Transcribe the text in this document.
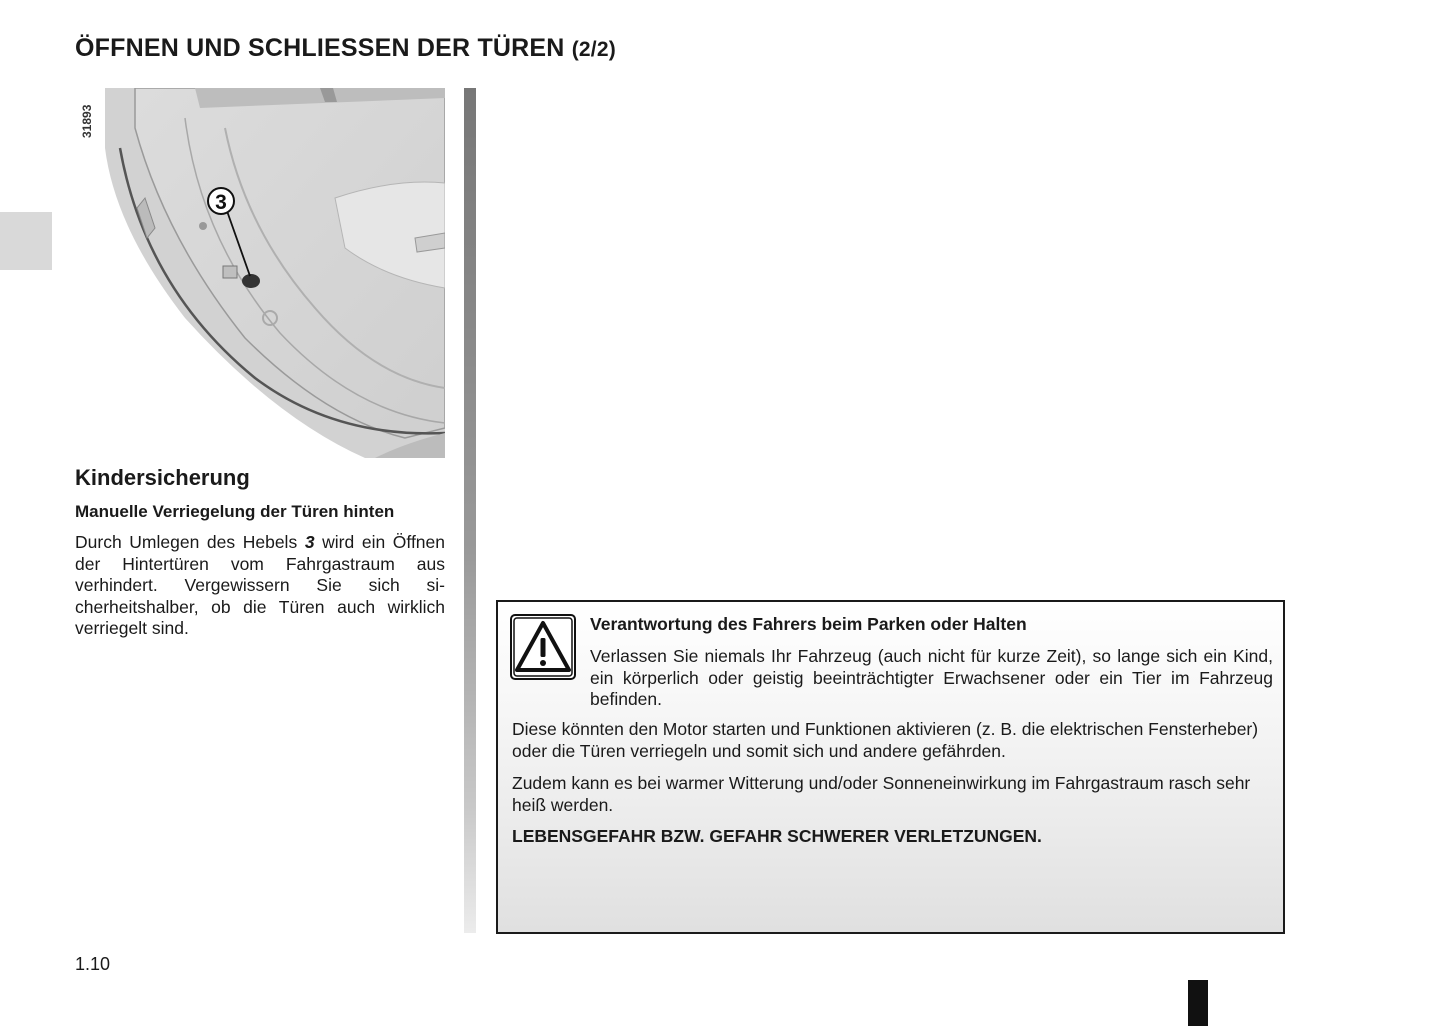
ÖFFNEN UND SCHLIESSEN DER TÜREN (2/2)
3
31893
Kindersicherung
Manuelle Verriegelung der Türen hinten

Durch Umlegen des Hebels 3 wird ein Öffnen der Hintertüren vom Fahrgastraum aus verhindert. Vergewissern Sie sich sicherheitshalber, ob die Türen auch wirklich verriegelt sind.	Verantwortung des Fahrers beim Parken oder Halten

Verlassen Sie niemals Ihr Fahrzeug (auch nicht für kurze Zeit), so lange sich ein Kind, ein körperlich oder geistig beeinträchtigter Erwachsener oder ein Tier im Fahrzeug befinden.

Diese könnten den Motor starten und Funktionen aktivieren (z. B. die elektrischen Fensterheber) oder die Türen verriegeln und somit sich und andere gefährden.

Zudem kann es bei warmer Witterung und/oder Sonneneinwirkung im Fahrgastraum rasch sehr heiß werden.

LEBENSGEFAHR BZW. GEFAHR SCHWERER VERLETZUNGEN.

1.10
